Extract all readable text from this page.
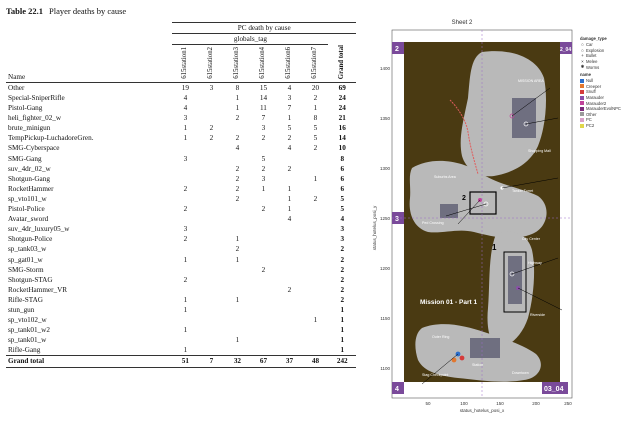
Table 22.1 Player deaths by cause
	PC death by cause						
Name	globals_tag						
	615station1	615station2	615station3	615station4	615station6	615station7	Grand total
Other	19	3	8	15	4	20	69
Special-SniperRifle	4		1	14	3	2	24
Pistol-Gang	4		1	11	7	1	24
heli_fighter_02_w	3		2	7	1	8	21
brute_minigun	1	2		3	5	5	16
TempPickup-LuchadoreGren.	1	2	2	2	2	5	14
SMG-Cyberspace			4		4	2	10
SMG-Gang	3			5			8
suv_4dr_02_w			2	2	2		6
Shotgun-Gang			2	3		1	6
RocketHammer	2		2	1	1		6
sp_vto101_w			2		1	2	5
Pistol-Police	2			2	1		5
Avatar_sword					4		4
suv_4dr_luxury05_w	3						3
Shotgun-Police	2		1				3
sp_tank03_w			2				2
sp_gat01_w	1		1				2
SMG-Storm				2			2
Shotgun-STAG	2						2
RocketHammer_VR					2		2
Rifle-STAG	1		1				2
stun_gun	1						1
sp_vto102_w						1	1
sp_tank01_w2	1						1
sp_tank01_w			1				1
Rifle-Gang	1						1
Grand total	51	7	32	67	37	48	242
Sheet 2
2
1
Mission 01 - Part 1
MISSION AREA
Suburbs Area
Tanker Turret
Shopping Mall
Ped Crossing
Highway
Downtown
Outer Ring
Station
Riverside
City Center
Stag Checkpoint
2
3
4	03_04
2_04
1400
1350
1300
1250
1200
1150
1100
50	100	150	200	250
status_hotelus_posi_x
status_hotelus_posi_y
damage_type
○ Car
○ Explosion
+ Bullet
× Melee
✱ Worms
name
Null
Creeper
Snuff
Marauder
Marauder2
MarauderEvolNPC
Other
PC
PC2
